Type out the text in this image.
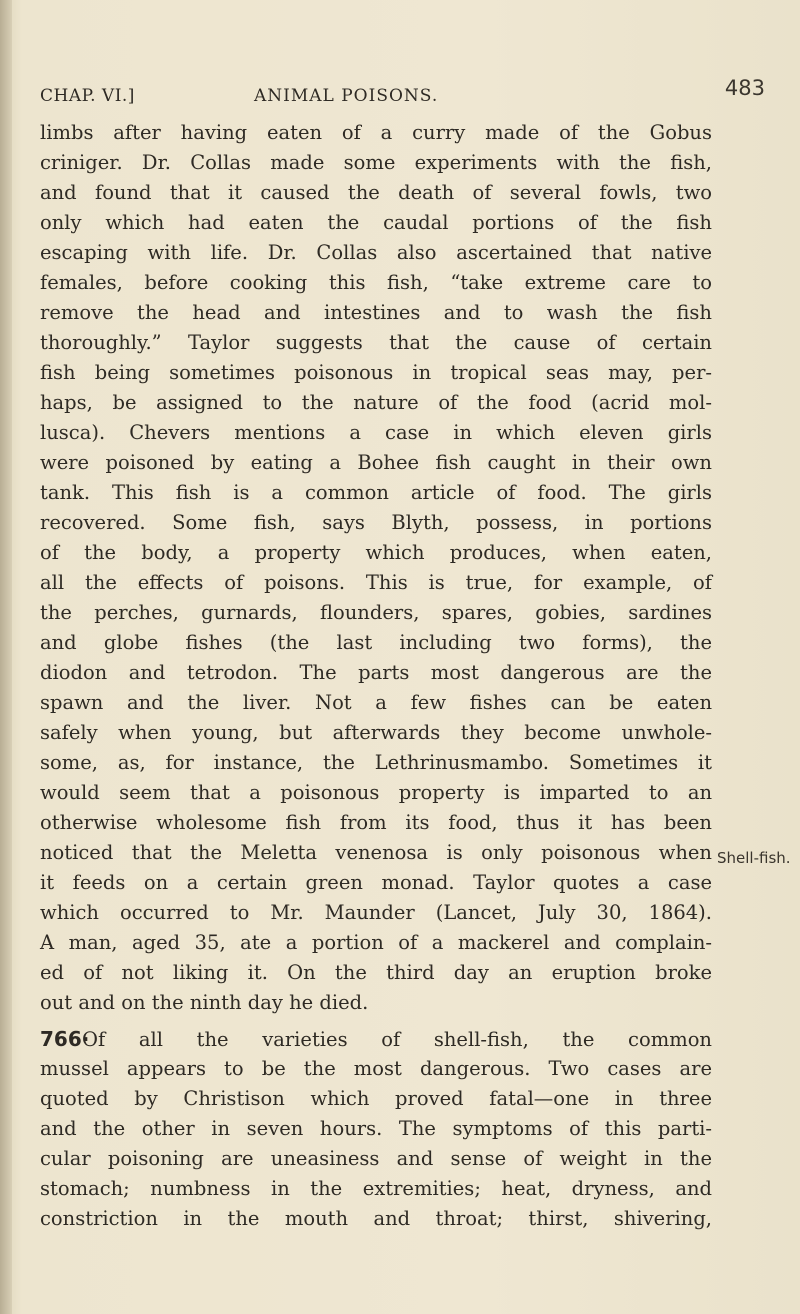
CHAP. VI.]	ANIMAL POISONS.	483
limbs after having eaten of a curry made of the Gobus
criniger. Dr. Collas made some experiments with the fish,
and found that it caused the death of several fowls, two
only which had eaten the caudal portions of the fish
escaping with life. Dr. Collas also ascertained that native
females, before cooking this fish, “take extreme care to
remove the head and intestines and to wash the fish
thoroughly.” Taylor suggests that the cause of certain
fish being sometimes poisonous in tropical seas may, per-
haps, be assigned to the nature of the food (acrid mol-
lusca). Chevers mentions a case in which eleven girls
were poisoned by eating a Bohee fish caught in their own
tank. This fish is a common article of food. The girls
recovered. Some fish, says Blyth, possess, in portions
of the body, a property which produces, when eaten,
all the effects of poisons. This is true, for example, of
the perches, gurnards, flounders, spares, gobies, sardines
and globe fishes (the last including two forms), the
diodon and tetrodon. The parts most dangerous are the
spawn and the liver. Not a few fishes can be eaten
safely when young, but afterwards they become unwhole-
some, as, for instance, the Lethrinusmambo. Sometimes it
would seem that a poisonous property is imparted to an
otherwise wholesome fish from its food, thus it has been
noticed that the Meletta venenosa is only poisonous when
it feeds on a certain green monad. Taylor quotes a case
which occurred to Mr. Maunder (Lancet, July 30, 1864).
A man, aged 35, ate a portion of a mackerel and complain-
ed of not liking it. On the third day an eruption broke
out and on the ninth day he died.
766·Of all the varieties of shell-fish, the common
mussel appears to be the most dangerous. Two cases are
quoted by Christison which proved fatal—one in three
and the other in seven hours. The symptoms of this parti-
cular poisoning are uneasiness and sense of weight in the
stomach; numbness in the extremities; heat, dryness, and
constriction in the mouth and throat; thirst, shivering,
Shell-fish.
